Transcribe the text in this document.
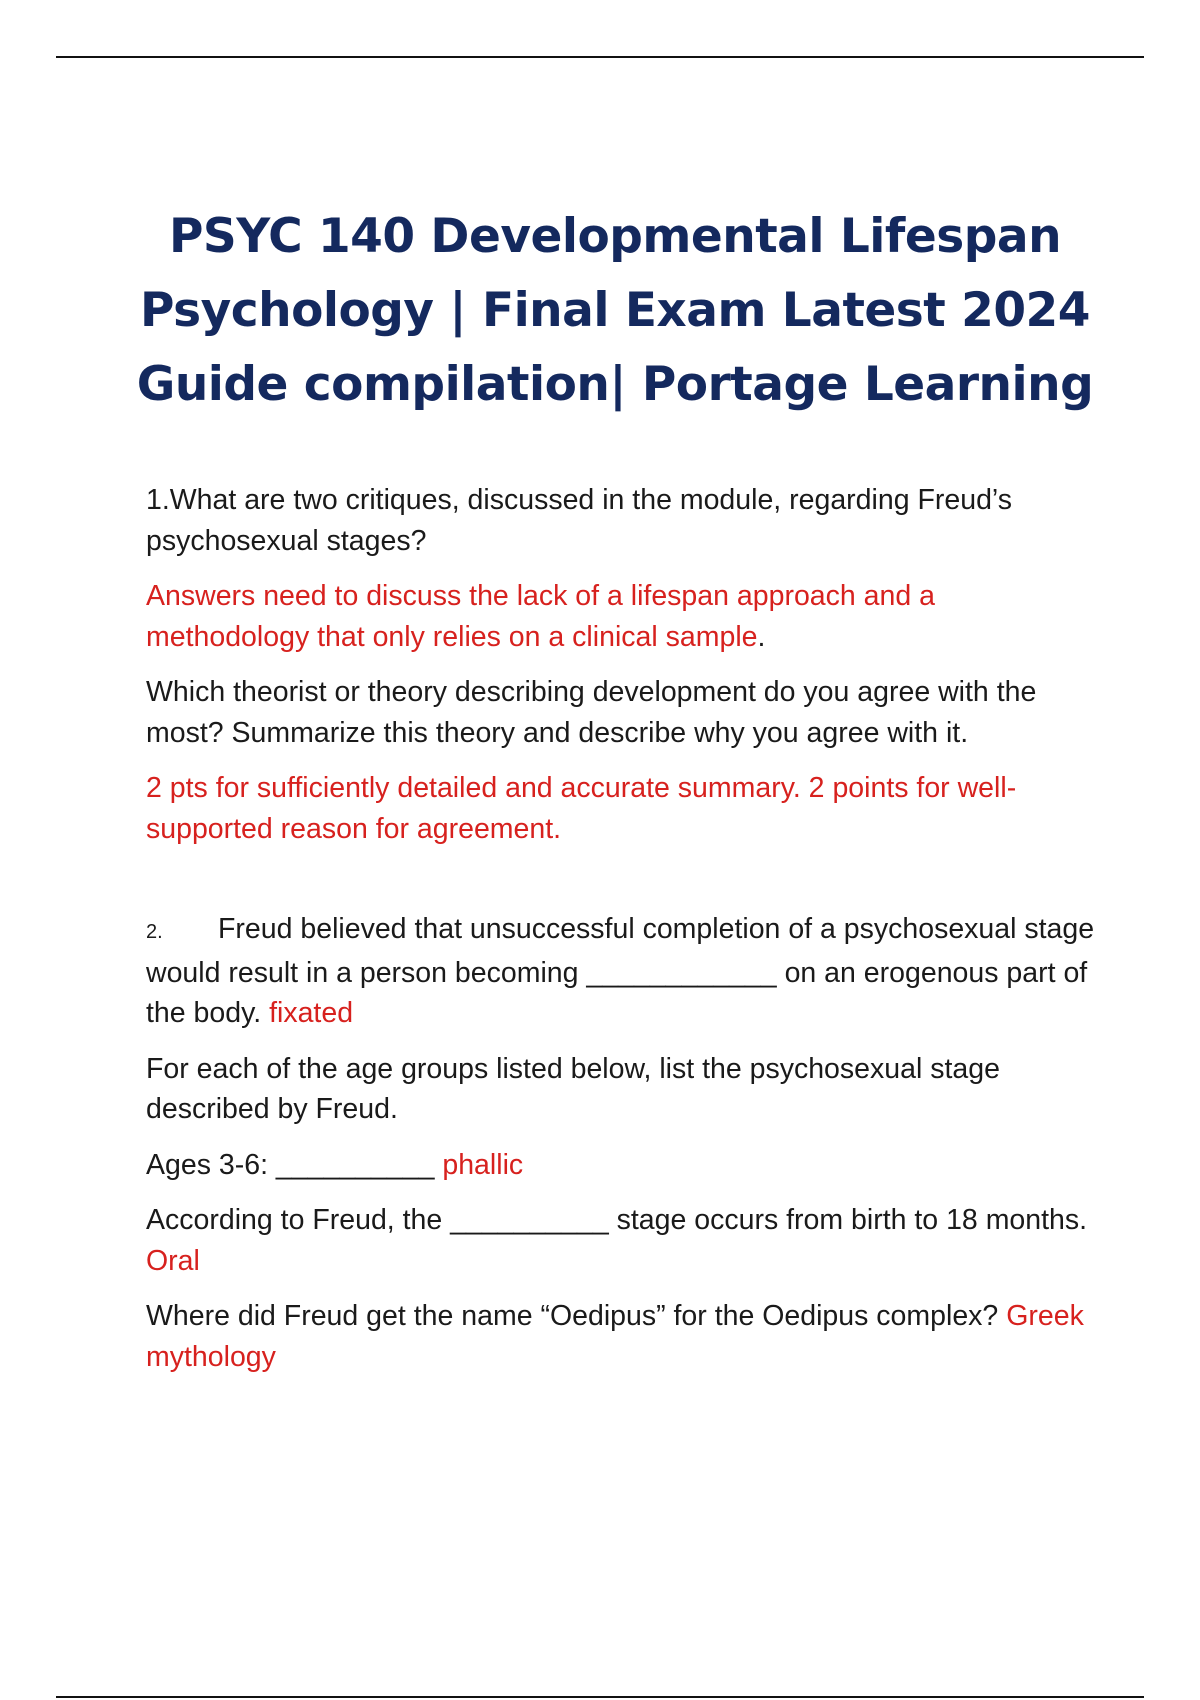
PSYC 140 Developmental Lifespan
Psychology | Final Exam Latest 2024
Guide compilation| Portage Learning

1.What are two critiques, discussed in the module, regarding Freud’s psychosexual stages?

Answers need to discuss the lack of a lifespan approach and a methodology that only relies on a clinical sample.

Which theorist or theory describing development do you agree with the most? Summarize this theory and describe why you agree with it.

2 pts for sufficiently detailed and accurate summary. 2 points for well-supported reason for agreement.

2. Freud believed that unsuccessful completion of a psychosexual stage would result in a person becoming ____________ on an erogenous part of the body. fixated

For each of the age groups listed below, list the psychosexual stage described by Freud.

Ages 3-6: __________ phallic

According to Freud, the __________ stage occurs from birth to 18 months. Oral

Where did Freud get the name “Oedipus” for the Oedipus complex? Greek mythology
